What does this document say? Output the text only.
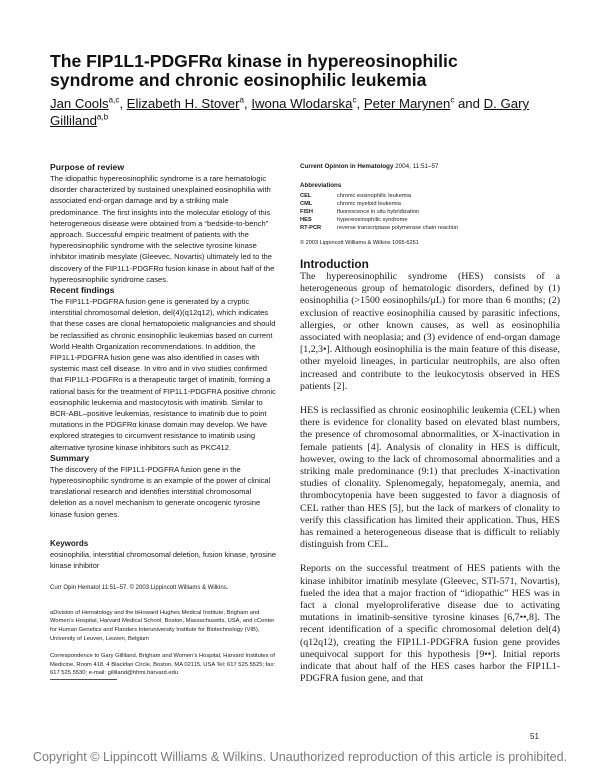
The FIP1L1-PDGFRα kinase in hypereosinophilic
syndrome and chronic eosinophilic leukemia
Jan Cools$^{a,c}$, Elizabeth H. Stover$^a$, Iwona Wlodarska$^c$, Peter Marynen$^c$ and D. Gary Gilliland$^{a,b}$
Purpose of review

The idiopathic hypereosinophilic syndrome is a rare hematologic disorder characterized by sustained unexplained eosinophilia with associated end-organ damage and by a striking male predominance. The first insights into the molecular etiology of this heterogeneous disease were obtained from a “bedside-to-bench” approach. Successful empiric treatment of patients with the hypereosinophilic syndrome with the selective tyrosine kinase inhibitor imatinib mesylate (Gleevec, Novartis) ultimately led to the discovery of the FIP1L1-PDGFRα fusion kinase in about half of the hypereosinophilic syndrome cases.

Recent findings

The FIP1L1-PDGFRA fusion gene is generated by a cryptic interstitial chromosomal deletion, del(4)(q12q12), which indicates that these cases are clonal hematopoietic malignancies and should be reclassified as chronic eosinophilic leukemias based on current World Health Organization recommendations. In addition, the FIP1L1-PDGFRA fusion gene was also identified in cases with systemic mast cell disease. In vitro and in vivo studies confirmed that FIP1L1-PDGFRα is a therapeutic target of imatinib, forming a rational basis for the treatment of FIP1L1-PDGFRA positive chronic eosinophilic leukemia and mastocytosis with imatinib. Similar to BCR-ABL–positive leukemias, resistance to imatinib due to point mutations in the PDGFRα kinase domain may develop. We have explored strategies to circumvent resistance to imatinib using alternative tyrosine kinase inhibitors such as PKC412.

Summary

The discovery of the FIP1L1-PDGFRA fusion gene in the hypereosinophilic syndrome is an example of the power of clinical translational research and identifies interstitial chromosomal deletion as a novel mechanism to generate oncogenic tyrosine kinase fusion genes.

Keywords
eosinophilia, interstitial chromosomal deletion, fusion kinase, tyrosine kinase inhibitor
Curr Opin Hematol 11:51–57. © 2003 Lippincott Williams & Wilkins.
aDivision of Hematology and the bHoward Hughes Medical Institute, Brigham and Women’s Hospital, Harvard Medical School, Boston, Massachusetts, USA, and cCenter for Human Genetics and Flanders Interuniversity Institute for Biotechnology (VIB), University of Leuven, Leuven, Belgium
Correspondence to Gary Gilliland, Brigham and Women’s Hospital, Harvard Institutes of Medicine, Room 418, 4 Blackfan Circle, Boston, MA 02115, USA Tel: 617 525 5525; fax: 617 525 5530; e-mail: gilliland@hhmi.harvard.edu
Current Opinion in Hematology 2004, 11:51–57
Abbreviations
CEL	chronic eosinophilic leukemia
CML	chronic myeloid leukemia
FISH	fluorescence in situ hybridization
HES	hypereosinophilic syndrome
RT-PCR	reverse transcriptase polymerase chain reaction
© 2003 Lippincott Williams & Wilkins 1065-6251
Introduction

The hypereosinophilic syndrome (HES) consists of a heterogeneous group of hematologic disorders, defined by (1) eosinophilia (>1500 eosinophils/μL) for more than 6 months; (2) exclusion of reactive eosinophilia caused by parasitic infections, allergies, or other known causes, as well as eosinophilia associated with neoplasia; and (3) evidence of end-organ damage [1,2,3•]. Although eosinophilia is the main feature of this disease, other myeloid lineages, in particular neutrophils, are also often increased and contribute to the leukocytosis observed in HES patients [2].

HES is reclassified as chronic eosinophilic leukemia (CEL) when there is evidence for clonality based on elevated blast numbers, the presence of chromosomal abnormalities, or X-inactivation in female patients [4]. Analysis of clonality in HES is difficult, however, owing to the lack of chromosomal abnormalities and a striking male predominance (9:1) that precludes X-inactivation studies of clonality. Splenomegaly, hepatomegaly, anemia, and thrombocytopenia have been suggested to favor a diagnosis of CEL rather than HES [5], but the lack of markers of clonality to verify this classification has limited their application. Thus, HES has remained a heterogeneous disease that is difficult to reliably distinguish from CEL.

Reports on the successful treatment of HES patients with the kinase inhibitor imatinib mesylate (Gleevec, STI-571, Novartis), fueled the idea that a major fraction of “idiopathic” HES was in fact a clonal myeloproliferative disease due to activating mutations in imatinib-sensitive tyrosine kinases [6,7••,8]. The recent identification of a specific chromosomal deletion del(4)(q12q12), creating the FIP1L1-PDGFRA fusion gene provides unequivocal support for this hypothesis [9••]. Initial reports indicate that about half of the HES cases harbor the FIP1L1-PDGFRA fusion gene, and that

51
Copyright © Lippincott Williams & Wilkins. Unauthorized reproduction of this article is prohibited.
